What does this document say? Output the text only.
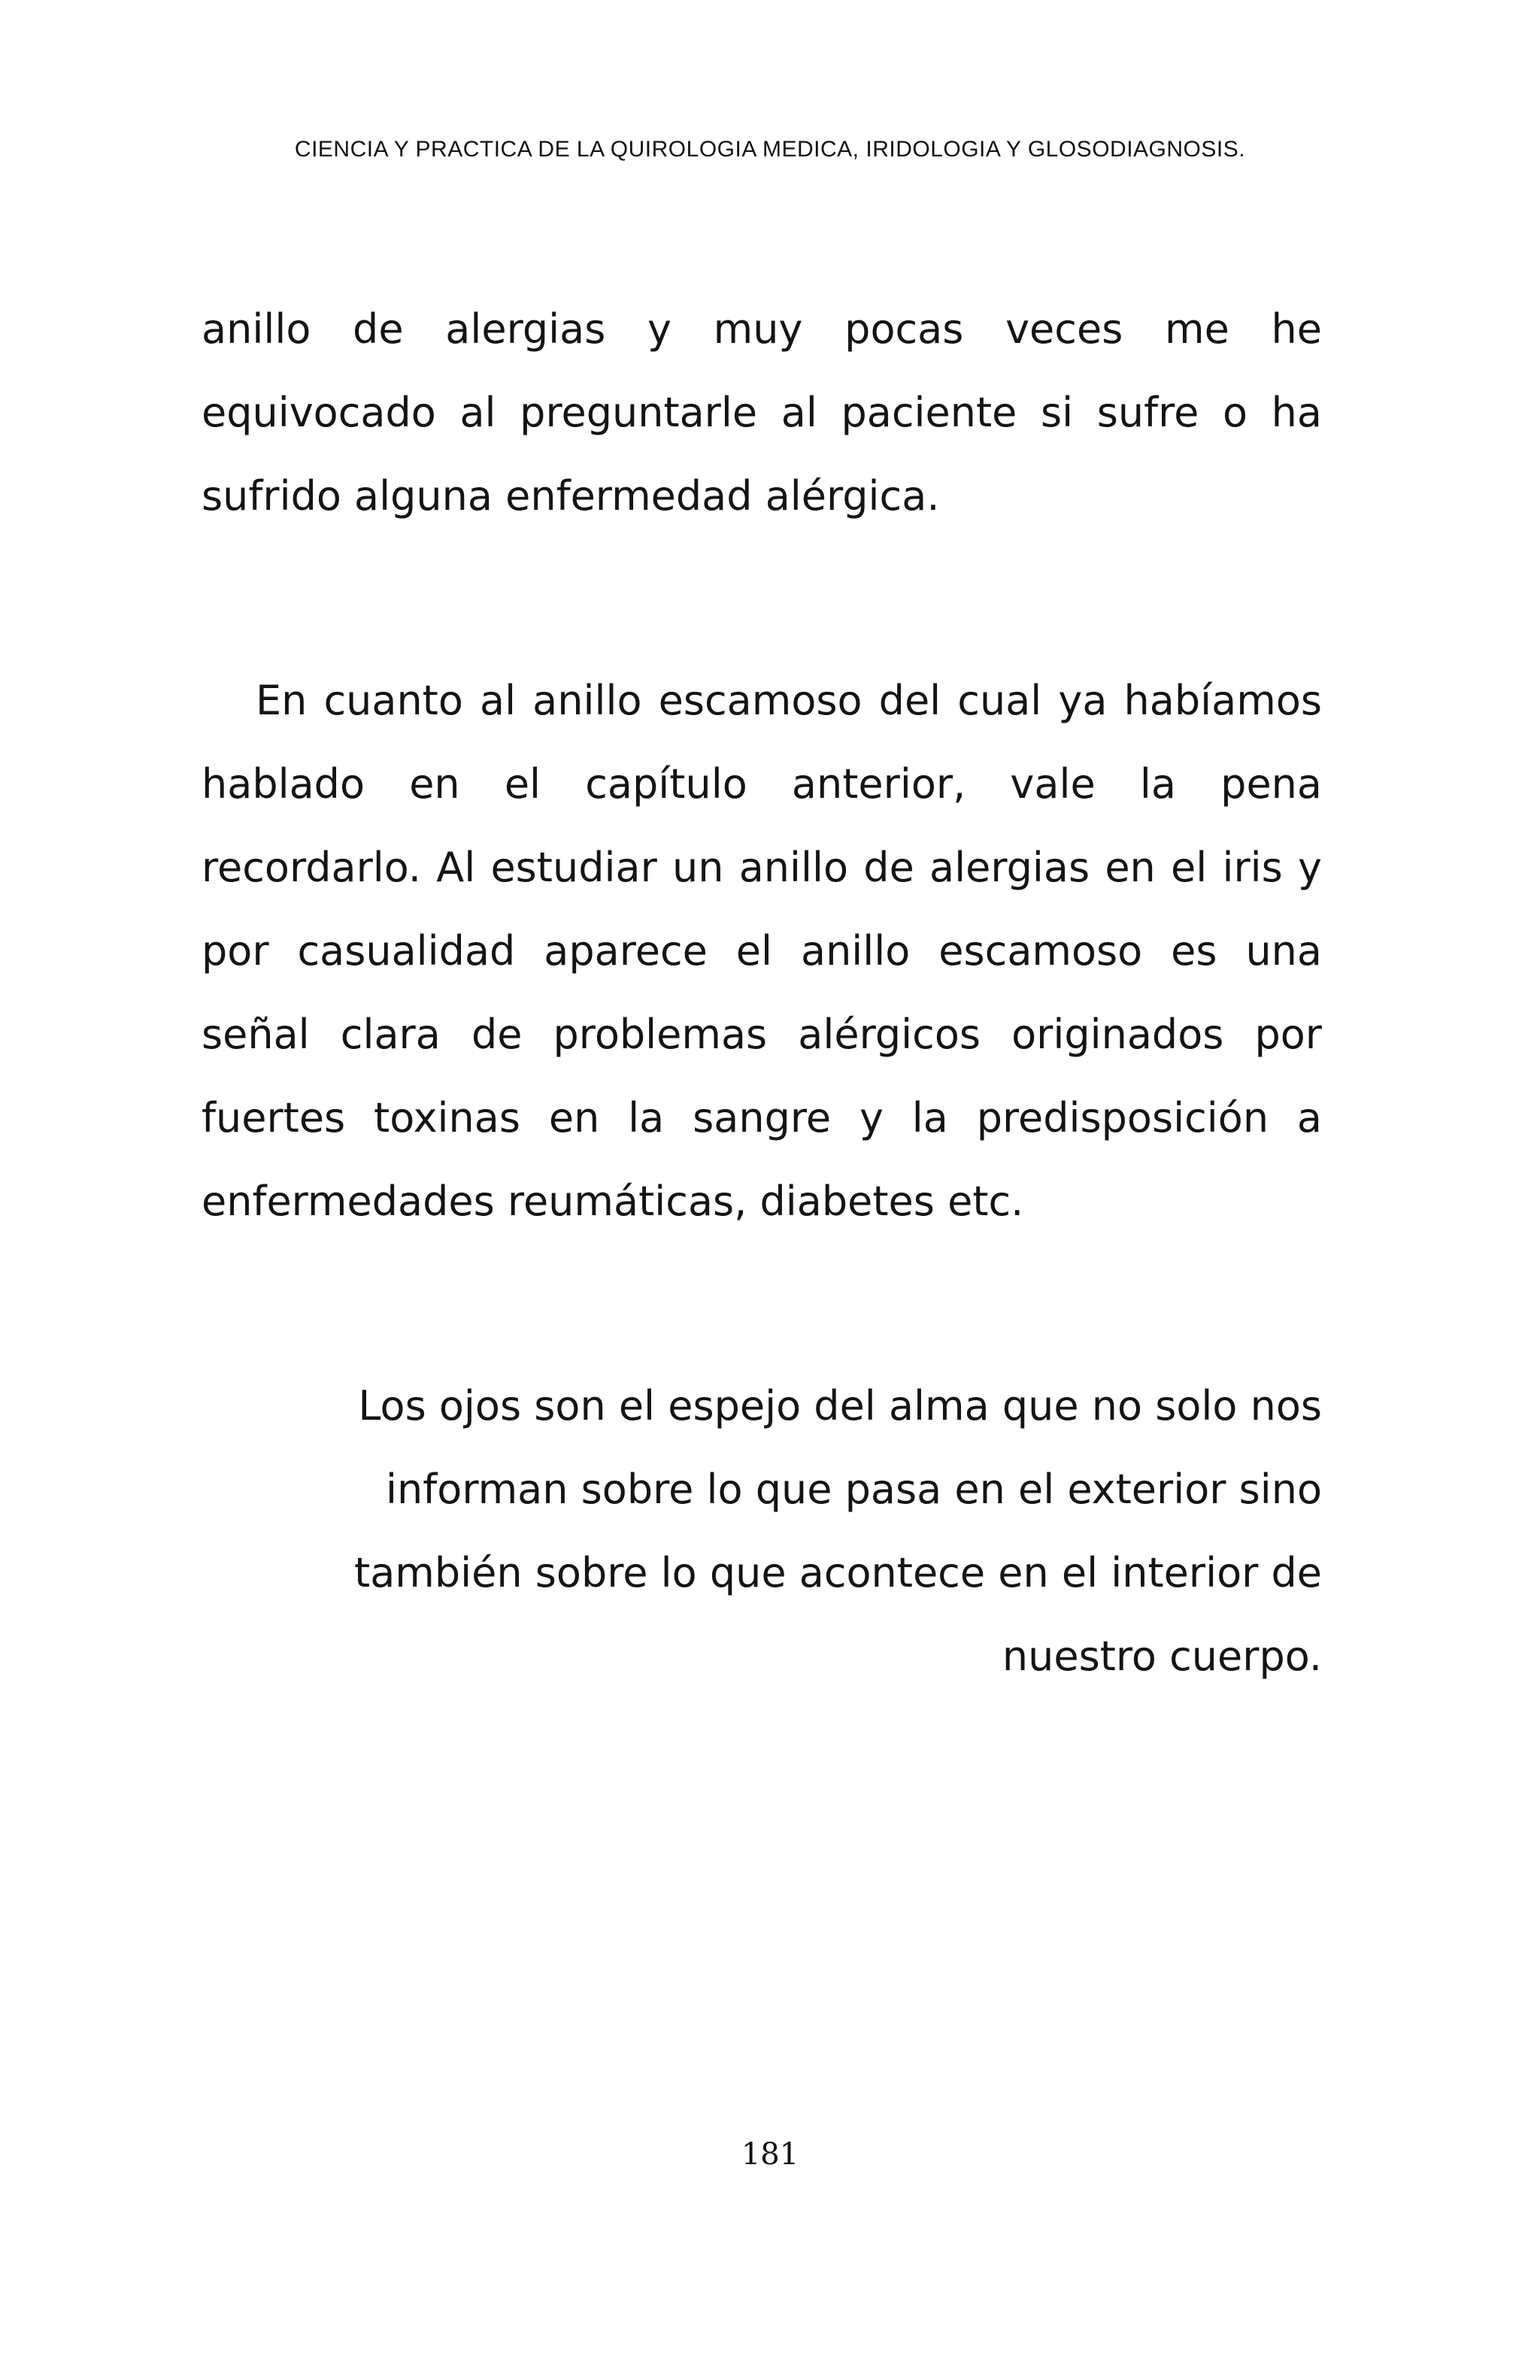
CIENCIA Y PRACTICA DE LA QUIROLOGIA MEDICA, IRIDOLOGIA Y GLOSODIAGNOSIS.

anillo de alergias y muy pocas veces me he equivocado al preguntarle al paciente si sufre o ha sufrido alguna enfermedad alérgica.

En cuanto al anillo escamoso del cual ya habíamos hablado en el capítulo anterior, vale la pena recordarlo. Al estudiar un anillo de alergias en el iris y por casualidad aparece el anillo escamoso es una señal clara de problemas alérgicos originados por fuertes toxinas en la sangre y la predisposición a enfermedades reumáticas, diabetes etc.

Los ojos son el espejo del alma que no solo nos
informan sobre lo que pasa en el exterior sino
también sobre lo que acontece en el interior de
nuestro cuerpo.
181
